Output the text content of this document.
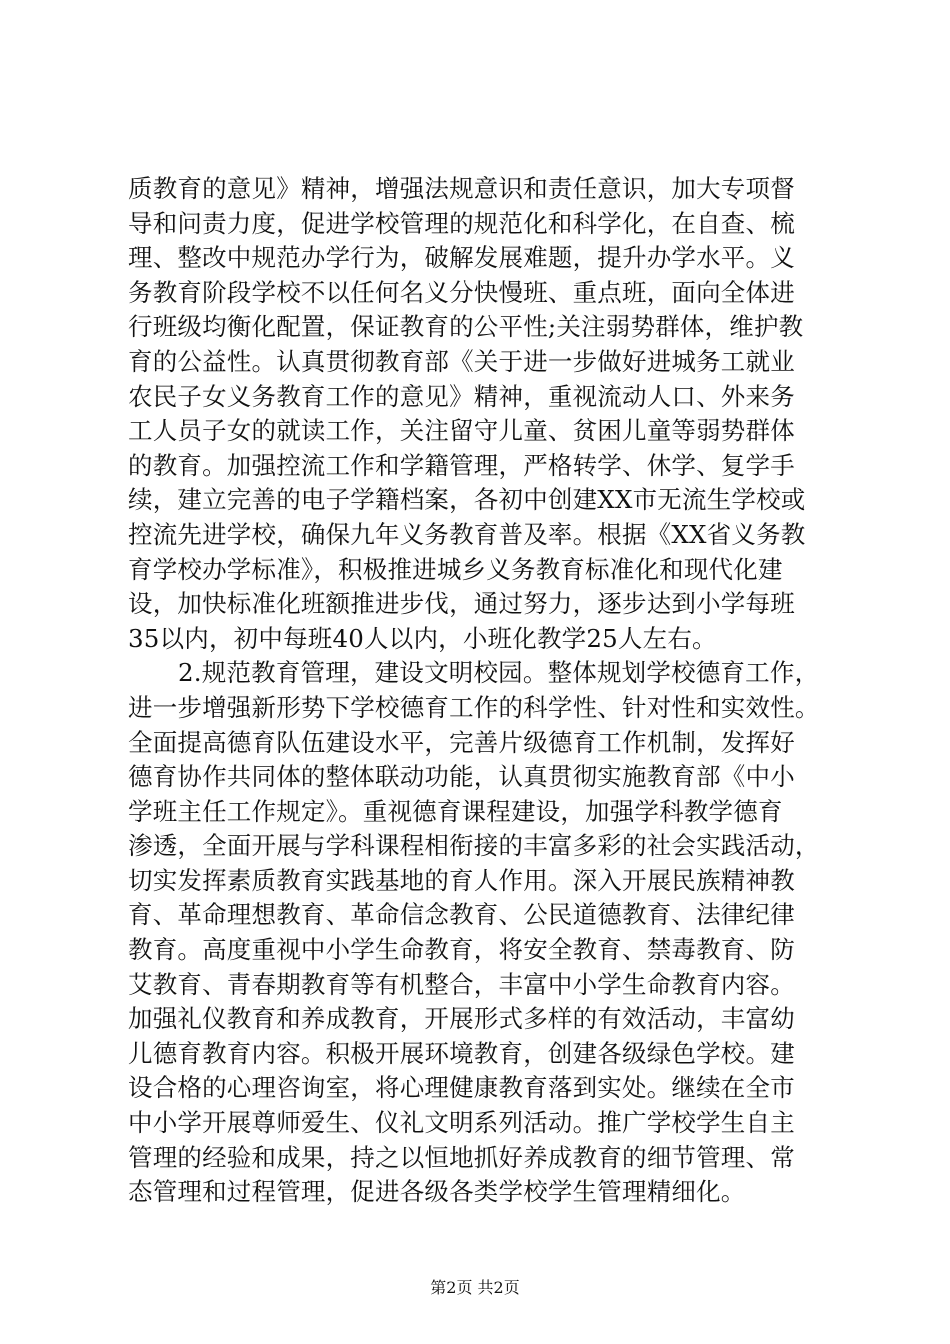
质教育的意见》精神，增强法规意识和责任意识，加大专项督
导和问责力度，促进学校管理的规范化和科学化，在自查、梳
理、整改中规范办学行为，破解发展难题，提升办学水平。义
务教育阶段学校不以任何名义分快慢班、重点班，面向全体进
行班级均衡化配置，保证教育的公平性;关注弱势群体，维护教
育的公益性。认真贯彻教育部《关于进一步做好进城务工就业
农民子女义务教育工作的意见》精神，重视流动人口、外来务
工人员子女的就读工作，关注留守儿童、贫困儿童等弱势群体
的教育。加强控流工作和学籍管理，严格转学、休学、复学手
续，建立完善的电子学籍档案，各初中创建XX市无流生学校或
控流先进学校，确保九年义务教育普及率。根据《XX省义务教
育学校办学标准》，积极推进城乡义务教育标准化和现代化建
设，加快标准化班额推进步伐，通过努力，逐步达到小学每班
35以内，初中每班40人以内，小班化教学25人左右。
2.规范教育管理，建设文明校园。整体规划学校德育工作，
进一步增强新形势下学校德育工作的科学性、针对性和实效性。
全面提高德育队伍建设水平，完善片级德育工作机制，发挥好
德育协作共同体的整体联动功能，认真贯彻实施教育部《中小
学班主任工作规定》。重视德育课程建设，加强学科教学德育
渗透，全面开展与学科课程相衔接的丰富多彩的社会实践活动，
切实发挥素质教育实践基地的育人作用。深入开展民族精神教
育、革命理想教育、革命信念教育、公民道德教育、法律纪律
教育。高度重视中小学生命教育，将安全教育、禁毒教育、防
艾教育、青春期教育等有机整合，丰富中小学生命教育内容。
加强礼仪教育和养成教育，开展形式多样的有效活动，丰富幼
儿德育教育内容。积极开展环境教育，创建各级绿色学校。建
设合格的心理咨询室，将心理健康教育落到实处。继续在全市
中小学开展尊师爱生、仪礼文明系列活动。推广学校学生自主
管理的经验和成果，持之以恒地抓好养成教育的细节管理、常
态管理和过程管理，促进各级各类学校学生管理精细化。
第2页 共2页
